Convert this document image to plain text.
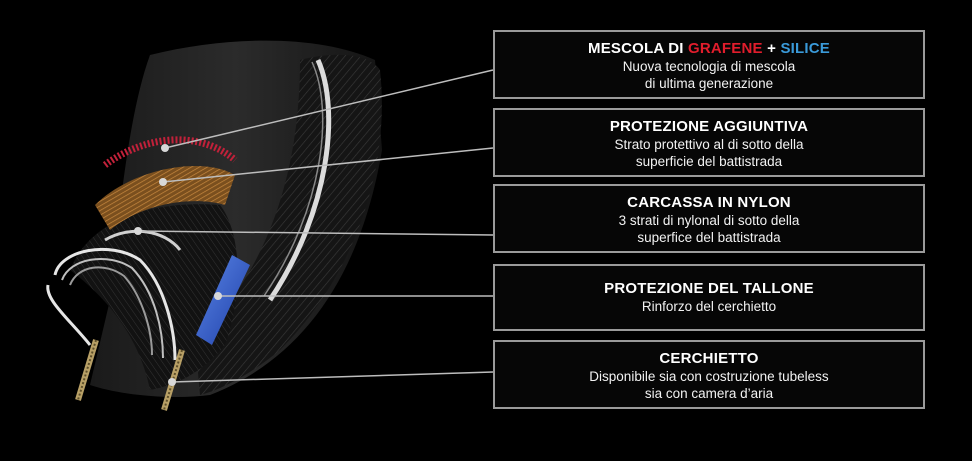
MESCOLA DI GRAFENE + SILICE
Nuova tecnologia di mescola
di ultima generazione
PROTEZIONE AGGIUNTIVA
Strato protettivo al di sotto della
superficie del battistrada
CARCASSA IN NYLON
3 strati di nylonal di sotto della
superfice del battistrada
PROTEZIONE DEL TALLONE
Rinforzo del cerchietto
CERCHIETTO
Disponibile sia con costruzione tubeless
sia con camera d’aria
